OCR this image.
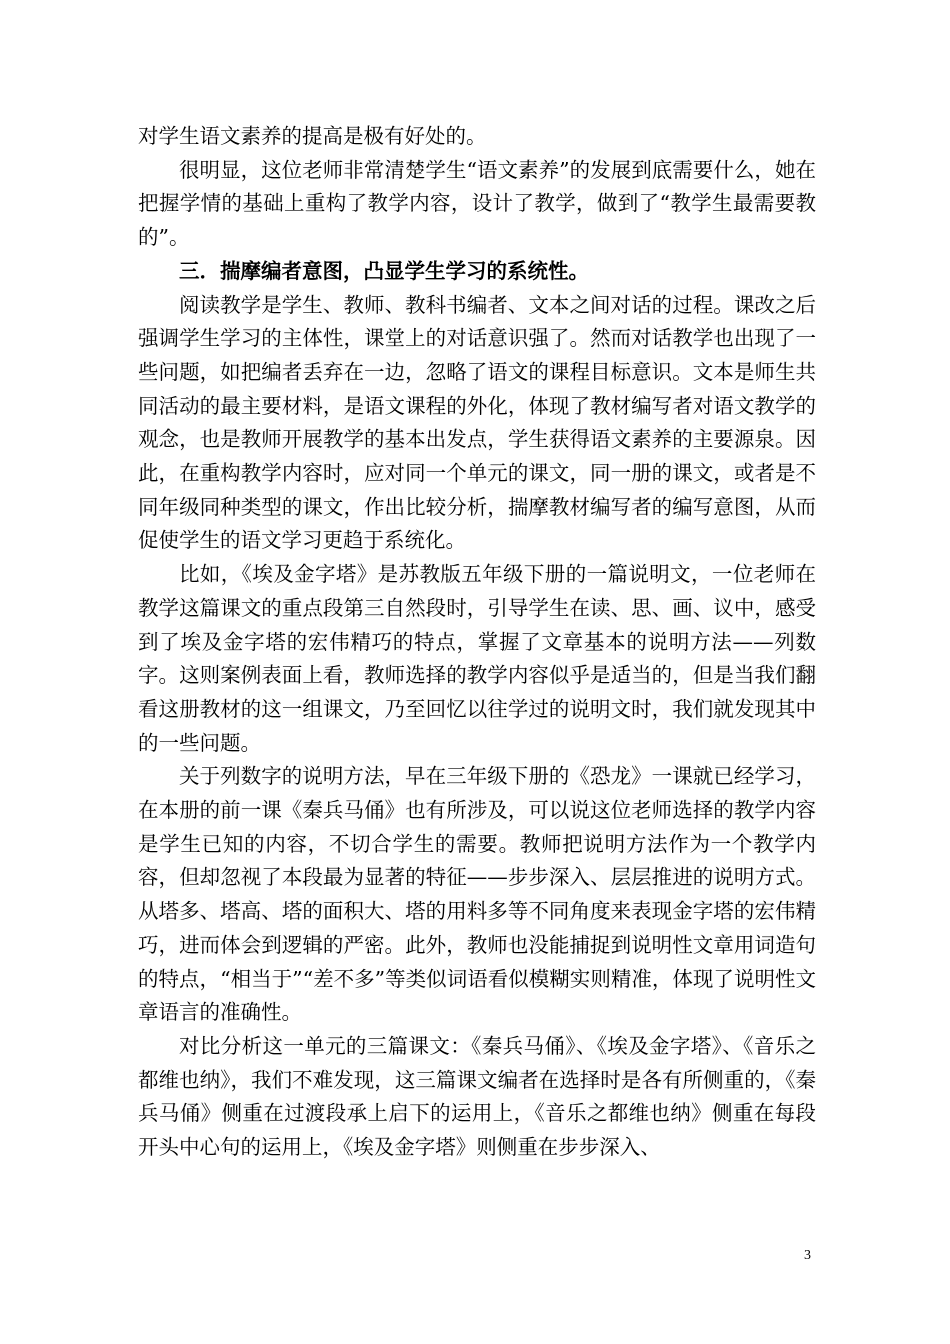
对学生语文素养的提高是极有好处的。

很明显，这位老师非常清楚学生“语文素养”的发展到底需要什么，她在把握学情的基础上重构了教学内容，设计了教学，做到了“教学生最需要教的”。

三．揣摩编者意图，凸显学生学习的系统性。

阅读教学是学生、教师、教科书编者、文本之间对话的过程。课改之后强调学生学习的主体性，课堂上的对话意识强了。然而对话教学也出现了一些问题，如把编者丢弃在一边，忽略了语文的课程目标意识。文本是师生共同活动的最主要材料，是语文课程的外化，体现了教材编写者对语文教学的观念，也是教师开展教学的基本出发点，学生获得语文素养的主要源泉。因此，在重构教学内容时，应对同一个单元的课文，同一册的课文，或者是不同年级同种类型的课文，作出比较分析，揣摩教材编写者的编写意图，从而促使学生的语文学习更趋于系统化。

比如，《埃及金字塔》是苏教版五年级下册的一篇说明文，一位老师在教学这篇课文的重点段第三自然段时，引导学生在读、思、画、议中，感受到了埃及金字塔的宏伟精巧的特点，掌握了文章基本的说明方法——列数字。这则案例表面上看，教师选择的教学内容似乎是适当的，但是当我们翻看这册教材的这一组课文，乃至回忆以往学过的说明文时，我们就发现其中的一些问题。

关于列数字的说明方法，早在三年级下册的《恐龙》一课就已经学习，在本册的前一课《秦兵马俑》也有所涉及，可以说这位老师选择的教学内容是学生已知的内容，不切合学生的需要。教师把说明方法作为一个教学内容，但却忽视了本段最为显著的特征——步步深入、层层推进的说明方式。从塔多、塔高、塔的面积大、塔的用料多等不同角度来表现金字塔的宏伟精巧，进而体会到逻辑的严密。此外，教师也没能捕捉到说明性文章用词造句的特点，“相当于”“差不多”等类似词语看似模糊实则精准，体现了说明性文章语言的准确性。

对比分析这一单元的三篇课文：《秦兵马俑》、《埃及金字塔》、《音乐之都维也纳》，我们不难发现，这三篇课文编者在选择时是各有所侧重的，《秦兵马俑》侧重在过渡段承上启下的运用上，《音乐之都维也纳》侧重在每段开头中心句的运用上，《埃及金字塔》则侧重在步步深入、

3
